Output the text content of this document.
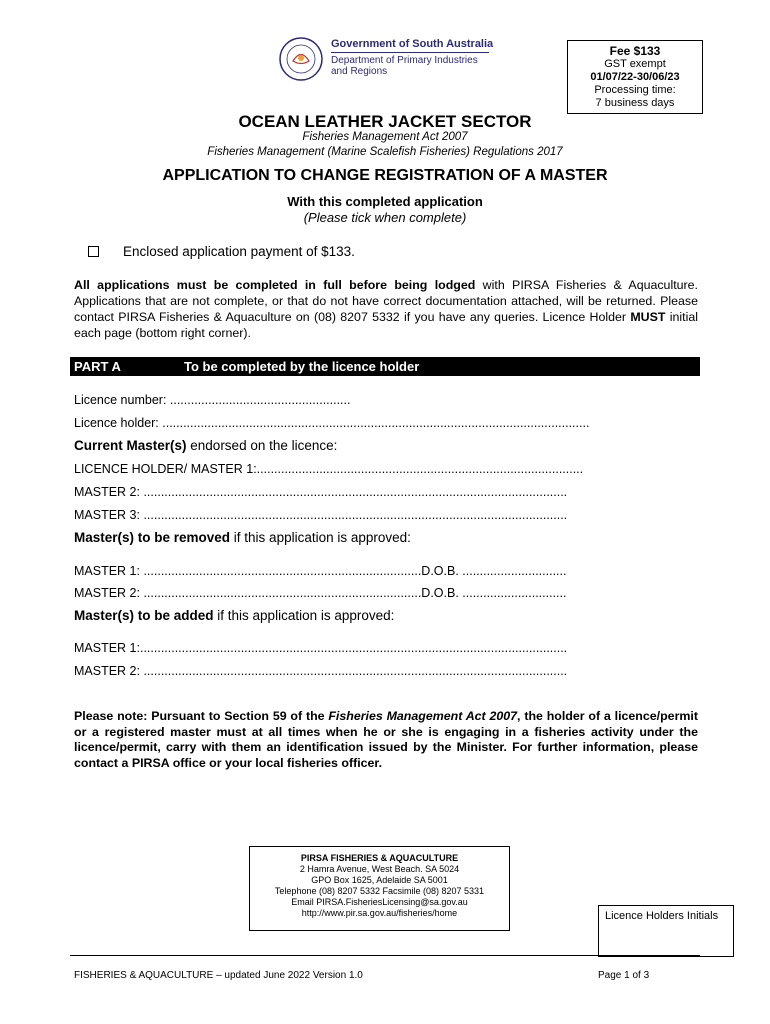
Government of South Australia
Department of Primary Industries
and Regions
Fee $133
GST exempt
01/07/22-30/06/23
Processing time:
7 business days
OCEAN LEATHER JACKET SECTOR
Fisheries Management Act 2007
Fisheries Management (Marine Scalefish Fisheries) Regulations 2017
APPLICATION TO CHANGE REGISTRATION OF A MASTER
With this completed application
(Please tick when complete)
Enclosed application payment of $133.
All applications must be completed in full before being lodged with PIRSA Fisheries & Aquaculture. Applications that are not complete, or that do not have correct documentation attached, will be returned. Please contact PIRSA Fisheries & Aquaculture on (08) 8207 5332 if you have any queries. Licence Holder MUST initial each page (bottom right corner).
PART A	To be completed by the licence holder
Licence number: ....................................................
Licence holder: ...........................................................................................................................
Current Master(s) endorsed on the licence:
LICENCE HOLDER/ MASTER 1:..............................................................................................
MASTER 2: ..........................................................................................................................
MASTER 3: ..........................................................................................................................
Master(s) to be removed if this application is approved:
MASTER 1: ................................................................................D.O.B. ..............................
MASTER 2: ................................................................................D.O.B. ..............................
Master(s) to be added if this application is approved:
MASTER 1:...........................................................................................................................
MASTER 2: ..........................................................................................................................
Please note: Pursuant to Section 59 of the Fisheries Management Act 2007, the holder of a licence/permit or a registered master must at all times when he or she is engaging in a fisheries activity under the licence/permit, carry with them an identification issued by the Minister. For further information, please contact a PIRSA office or your local fisheries officer.
PIRSA FISHERIES & AQUACULTURE
2 Hamra Avenue, West Beach. SA 5024
GPO Box 1625, Adelaide SA 5001
Telephone (08) 8207 5332 Facsimile (08) 8207 5331
Email PIRSA.FisheriesLicensing@sa.gov.au
http://www.pir.sa.gov.au/fisheries/home	Licence Holders Initials
FISHERIES & AQUACULTURE – updated June 2022 Version 1.0	Page 1 of 3
